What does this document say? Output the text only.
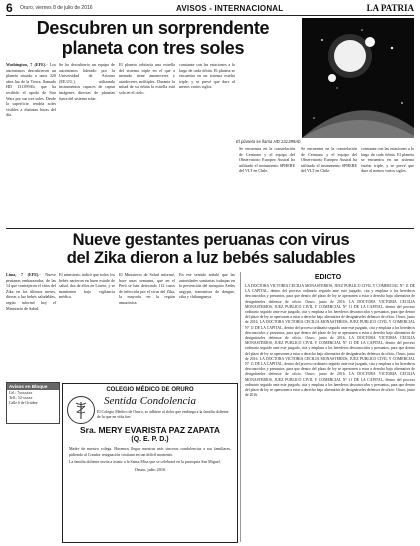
6 Oruro, viernes 8 de julio de 2016	AVISOS - INTERNACIONAL	LA PATRIA
Descubren un sorprendente
planeta con tres soles
El planeta se llama HD 131399Ab
Washington, 7 (EFE).- Los astrónomos descubrieron un planeta situado a unos 320 años luz de la Tierra, llamado HD 131399Ab, que ha recibido el apodo de Star Wars por sus tres soles. Desde la superficie, tendría soles visibles a distintas horas del día.
Se ha descubierto un equipo de astrónomos liderado por la Universidad de Arizona (EE.UU.), utilizando instrumentos capaces de captar imágenes directas de planetas fuera del sistema solar.
El planeta orbitaría una estrella del sistema triple en el que a menudo tiene amaneceres y atardeceres múltiples. Durante la mitad de su órbita la estrella está sola en el cielo.
constante con las estaciones a lo largo de cada órbita. El planeta se encuentra en un sistema estelar triple, y se prevé que dure al menos varios siglos.
Se encuentra en la constelación de Centauro y el equipo del Observatorio Europeo Austral ha utilizado el instrumento SPHERE del VLT en Chile.
Se encuentra en la constelación de Centauro y el equipo del Observatorio Europeo Austral ha utilizado el instrumento SPHERE del VLT en Chile.
constante con las estaciones a lo largo de cada órbita. El planeta se encuentra en un sistema estelar triple, y se prevé que dure al menos varios siglos.
Nueve gestantes peruanas con virus
del Zika dieron a luz bebés saludables
Lima, 7 (EFE).- Nueve peruanas embarazadas, de las 14 que contrajeron el virus del Zika en los últimos meses, dieron a luz bebés saludables, según informó hoy el Ministerio de Salud.
El ministerio indicó que todos los bebés nacieron en buen estado de salud, dos de ellos en Loreto, y se mantienen bajo vigilancia médica.
El Ministerio de Salud informó, hace unas semanas, que en el Perú se han detectado 112 casos de infección por el virus del Zika, la mayoría en la región amazónica.
En ese sentido señaló que las autoridades sanitarias trabajan en la prevención del mosquito Aedes aegypti, transmisor de dengue, zika y chikungunya.
EDICTO
LA DOCTORA VICTORIA CECILIA MONASTERIOS, JUEZ PUBLICO CIVIL Y COMERCIAL N° 11 DE LA CAPITAL, dentro del proceso ordinario seguido ante este juzgado, cita y emplaza a los herederos desconocidos y presuntos, para que dentro del plazo de ley se apersonen a estar a derecho bajo alternativa de designárseles defensor de oficio. Oruro, junio de 2016. LA DOCTORA VICTORIA CECILIA MONASTERIOS, JUEZ PUBLICO CIVIL Y COMERCIAL N° 11 DE LA CAPITAL, dentro del proceso ordinario seguido ante este juzgado, cita y emplaza a los herederos desconocidos y presuntos, para que dentro del plazo de ley se apersonen a estar a derecho bajo alternativa de designárseles defensor de oficio. Oruro, junio de 2016. LA DOCTORA VICTORIA CECILIA MONASTERIOS, JUEZ PUBLICO CIVIL Y COMERCIAL N° 11 DE LA CAPITAL, dentro del proceso ordinario seguido ante este juzgado, cita y emplaza a los herederos desconocidos y presuntos, para que dentro del plazo de ley se apersonen a estar a derecho bajo alternativa de designárseles defensor de oficio. Oruro, junio de 2016. LA DOCTORA VICTORIA CECILIA MONASTERIOS, JUEZ PUBLICO CIVIL Y COMERCIAL N° 11 DE LA CAPITAL, dentro del proceso ordinario seguido ante este juzgado, cita y emplaza a los herederos desconocidos y presuntos, para que dentro del plazo de ley se apersonen a estar a derecho bajo alternativa de designárseles defensor de oficio. Oruro, junio de 2016. LA DOCTORA VICTORIA CECILIA MONASTERIOS, JUEZ PUBLICO CIVIL Y COMERCIAL N° 11 DE LA CAPITAL, dentro del proceso ordinario seguido ante este juzgado, cita y emplaza a los herederos desconocidos y presuntos, para que dentro del plazo de ley se apersonen a estar a derecho bajo alternativa de designárseles defensor de oficio. Oruro, junio de 2016. LA DOCTORA VICTORIA CECILIA MONASTERIOS, JUEZ PUBLICO CIVIL Y COMERCIAL N° 11 DE LA CAPITAL, dentro del proceso ordinario seguido ante este juzgado, cita y emplaza a los herederos desconocidos y presuntos, para que dentro del plazo de ley se apersonen a estar a derecho bajo alternativa de designárseles defensor de oficio. Oruro, junio de 2016.
Avisos en Bloque
Cel.: 7xxxxxxx
Telf.: 52-xxxxx
Calle 6 de Octubre
COLEGIO MÉDICO DE ORURO
Sentida Condolencia
El Colegio Médico de Oruro, se adhiere al dolor que embarga a la familia doliente de la que en vida fue:
Sra. MERY EVARISTA PAZ ZAPATA
(Q. E. P. D.)
Madre de nuestro colega. Hacemos llegar nuestras más sinceras condolencias a sus familiares, pidiendo al Creador resignación cristiana en tan difícil momento.
La familia doliente invita a asistir a la Santa Misa que se celebrará en la parroquia San Miguel.
Oruro, julio 2016
